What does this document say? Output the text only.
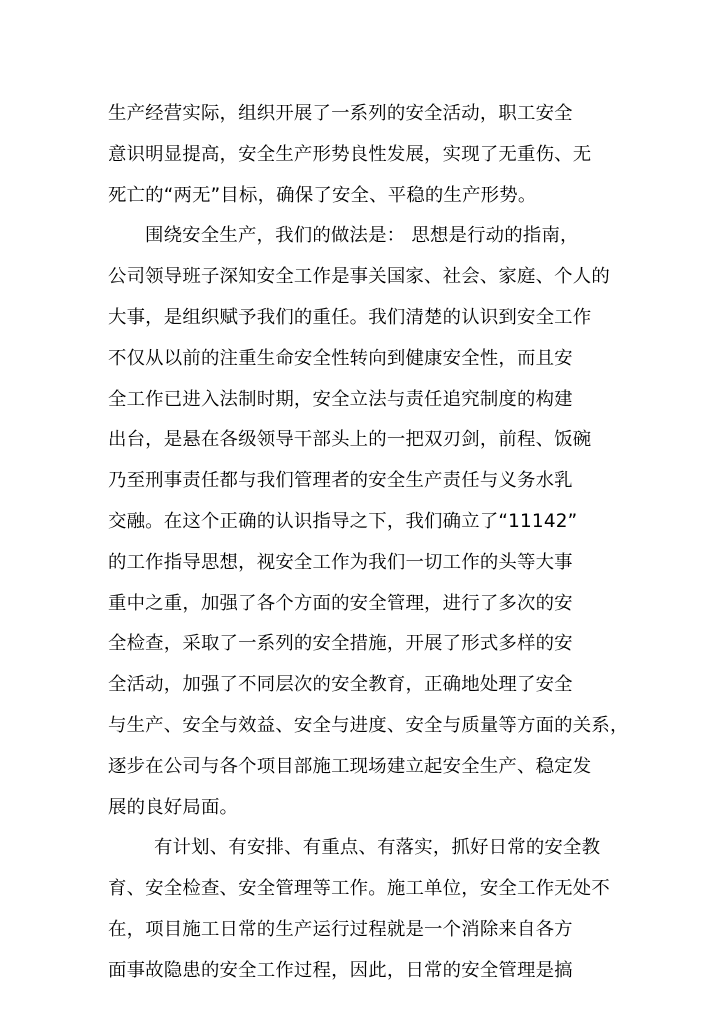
生产经营实际，组织开展了一系列的安全活动，职工安全
意识明显提高，安全生产形势良性发展，实现了无重伤、无
死亡的“两无”目标，确保了安全、平稳的生产形势。
围绕安全生产，我们的做法是： 思想是行动的指南，
公司领导班子深知安全工作是事关国家、社会、家庭、个人的
大事，是组织赋予我们的重任。我们清楚的认识到安全工作
不仅从以前的注重生命安全性转向到健康安全性，而且安
全工作已进入法制时期，安全立法与责任追究制度的构建
出台，是悬在各级领导干部头上的一把双刃剑，前程、饭碗
乃至刑事责任都与我们管理者的安全生产责任与义务水乳
交融。在这个正确的认识指导之下，我们确立了“11142”
的工作指导思想，视安全工作为我们一切工作的头等大事
重中之重，加强了各个方面的安全管理，进行了多次的安
全检查，采取了一系列的安全措施，开展了形式多样的安
全活动，加强了不同层次的安全教育，正确地处理了安全
与生产、安全与效益、安全与进度、安全与质量等方面的关系，
逐步在公司与各个项目部施工现场建立起安全生产、稳定发
展的良好局面。
有计划、有安排、有重点、有落实，抓好日常的安全教
育、安全检查、安全管理等工作。施工单位，安全工作无处不
在，项目施工日常的生产运行过程就是一个消除来自各方
面事故隐患的安全工作过程，因此，日常的安全管理是搞
